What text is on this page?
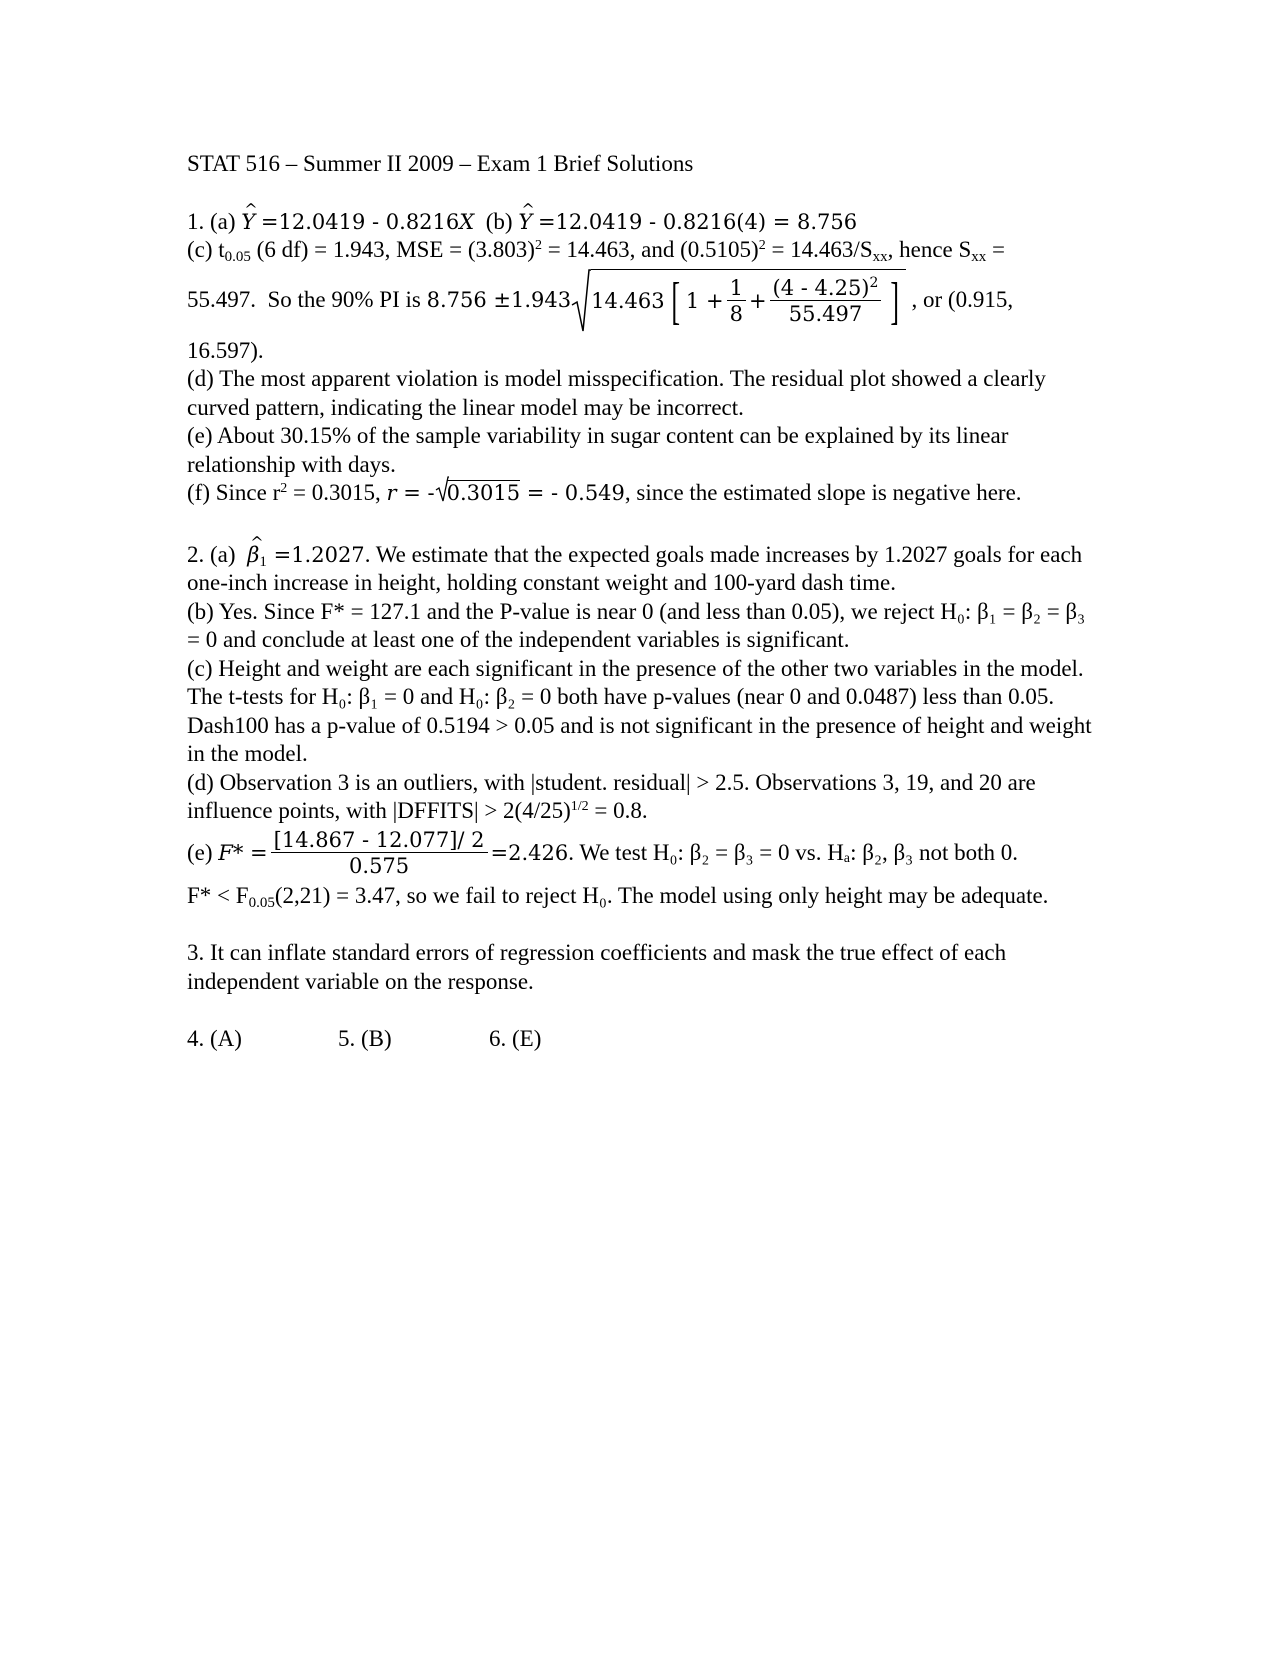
STAT 516 – Summer II 2009 – Exam 1 Brief Solutions

1. (a) ^ Y =12.0419 - 0.8216X (b) ^ Y =12.0419 - 0.8216(4) = 8.756

(c) $t_{0.05}$ (6 df) = 1.943, MSE = $(3.803)^2 = 14.463$, and $(0.5105)^2 = 14.463/S_{xx}$, hence $S_{xx}$ =

55.497.  So the 90% PI is 8.756 ±1.943 14.463 [ $1 + \frac{1}{8} + \frac{(4 - 4.25)^2}{55.497}$ ] , or (0.915,

16.597).

(d) The most apparent violation is model misspecification. The residual plot showed a clearly curved pattern, indicating the linear model may be incorrect.

(e) About 30.15% of the sample variability in sugar content can be explained by its linear relationship with days.

(f) Since $r^2 = 0.3015$, r = - 0.3015 = - 0.549, since the estimated slope is negative here.

2. (a) ^ $\beta_1 =1.2027$. We estimate that the expected goals made increases by 1.2027 goals for each one-inch increase in height, holding constant weight and 100-yard dash time.

(b) Yes. Since F* = 127.1 and the P-value is near 0 (and less than 0.05), we reject H₀: β₁ = β₂ = β₃ = 0 and conclude at least one of the independent variables is significant.

(c) Height and weight are each significant in the presence of the other two variables in the model. The t-tests for H₀: β₁ = 0 and H₀: β₂ = 0 both have p-values (near 0 and 0.0487) less than 0.05. Dash100 has a p-value of 0.5194 > 0.05 and is not significant in the presence of height and weight in the model.

(d) Observation 3 is an outliers, with |student. residual| > 2.5. Observations 3, 19, and 20 are influence points, with |DFFITS| > $2(4/25)^{1/2} = 0.8$.

(e) $F* = \frac{[14.867 - 12.077]/ 2}{0.575} =2.426$ . We test H₀: β₂ = β₃ = 0 vs. Hₐ: β₂, β₃ not both 0.

$F* < F_{0.05}(2,21) = 3.47$, so we fail to reject H₀. The model using only height may be adequate.

3. It can inflate standard errors of regression coefficients and mask the true effect of each independent variable on the response.

4. (A)	5. (B)	6. (E)
